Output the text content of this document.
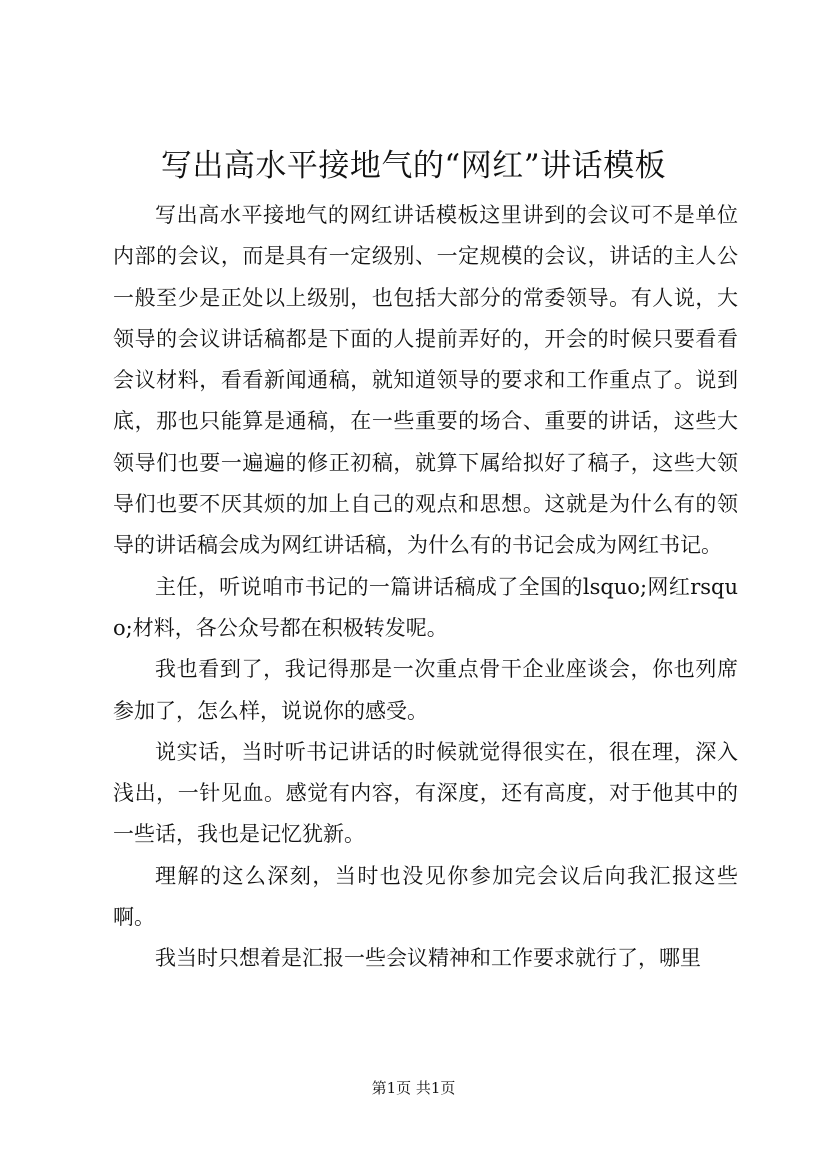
写出高水平接地气的“网红”讲话模板

写出高水平接地气的网红讲话模板这里讲到的会议可不是单位内部的会议，而是具有一定级别、一定规模的会议，讲话的主人公一般至少是正处以上级别，也包括大部分的常委领导。有人说，大领导的会议讲话稿都是下面的人提前弄好的，开会的时候只要看看会议材料，看看新闻通稿，就知道领导的要求和工作重点了。说到底，那也只能算是通稿，在一些重要的场合、重要的讲话，这些大领导们也要一遍遍的修正初稿，就算下属给拟好了稿子，这些大领导们也要不厌其烦的加上自己的观点和思想。这就是为什么有的领导的讲话稿会成为网红讲话稿，为什么有的书记会成为网红书记。

主任，听说咱市书记的一篇讲话稿成了全国的lsquo;网红rsquo;材料，各公众号都在积极转发呢。

我也看到了，我记得那是一次重点骨干企业座谈会，你也列席参加了，怎么样，说说你的感受。

说实话，当时听书记讲话的时候就觉得很实在，很在理，深入浅出，一针见血。感觉有内容，有深度，还有高度，对于他其中的一些话，我也是记忆犹新。

理解的这么深刻，当时也没见你参加完会议后向我汇报这些啊。

我当时只想着是汇报一些会议精神和工作要求就行了，哪里

第1页 共1页
